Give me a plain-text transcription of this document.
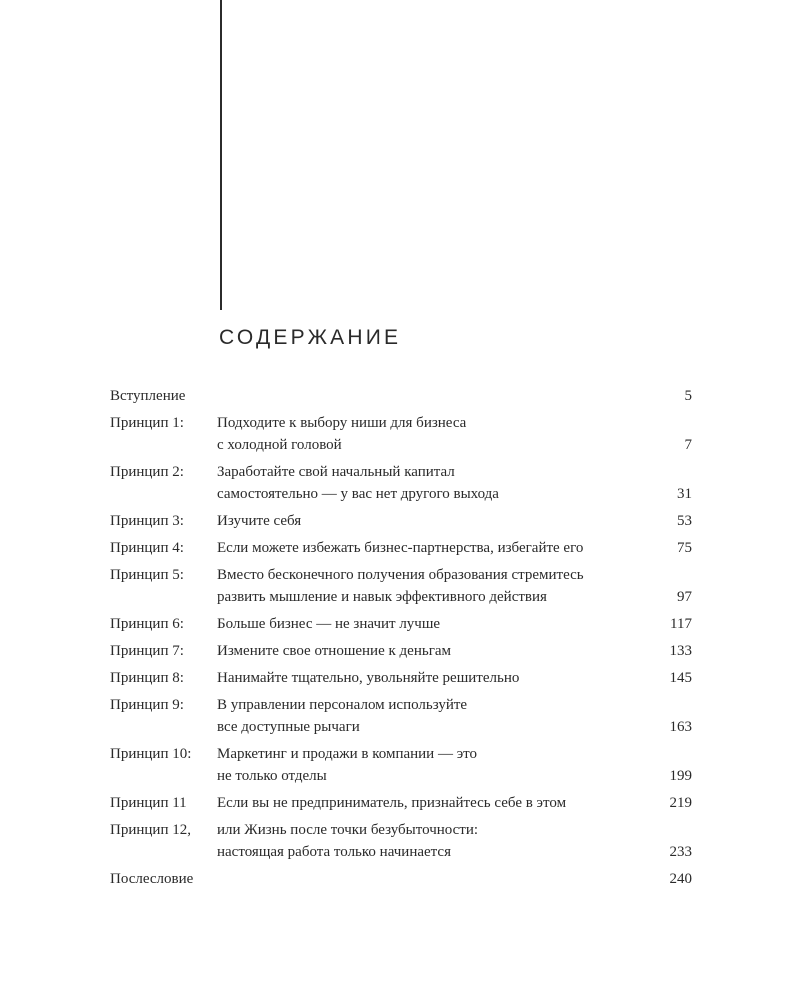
СОДЕРЖАНИЕ
Вступление	5
Принцип 1:	Подходите к выбору ниши для бизнеса
с холодной головой	7
Принцип 2:	Заработайте свой начальный капитал
самостоятельно — у вас нет другого выхода	31
Принцип 3:	Изучите себя	53
Принцип 4:	Если можете избежать бизнес-партнерства, избегайте его	75
Принцип 5:	Вместо бесконечного получения образования стремитесь
развить мышление и навык эффективного действия	97
Принцип 6:	Больше бизнес — не значит лучше	117
Принцип 7:	Измените свое отношение к деньгам	133
Принцип 8:	Нанимайте тщательно, увольняйте решительно	145
Принцип 9:	В управлении персоналом используйте
все доступные рычаги	163
Принцип 10:	Маркетинг и продажи в компании — это
не только отделы	199
Принцип 11	Если вы не предприниматель, признайтесь себе в этом	219
Принцип 12,	или Жизнь после точки безубыточности:
настоящая работа только начинается	233
Послесловие	240
